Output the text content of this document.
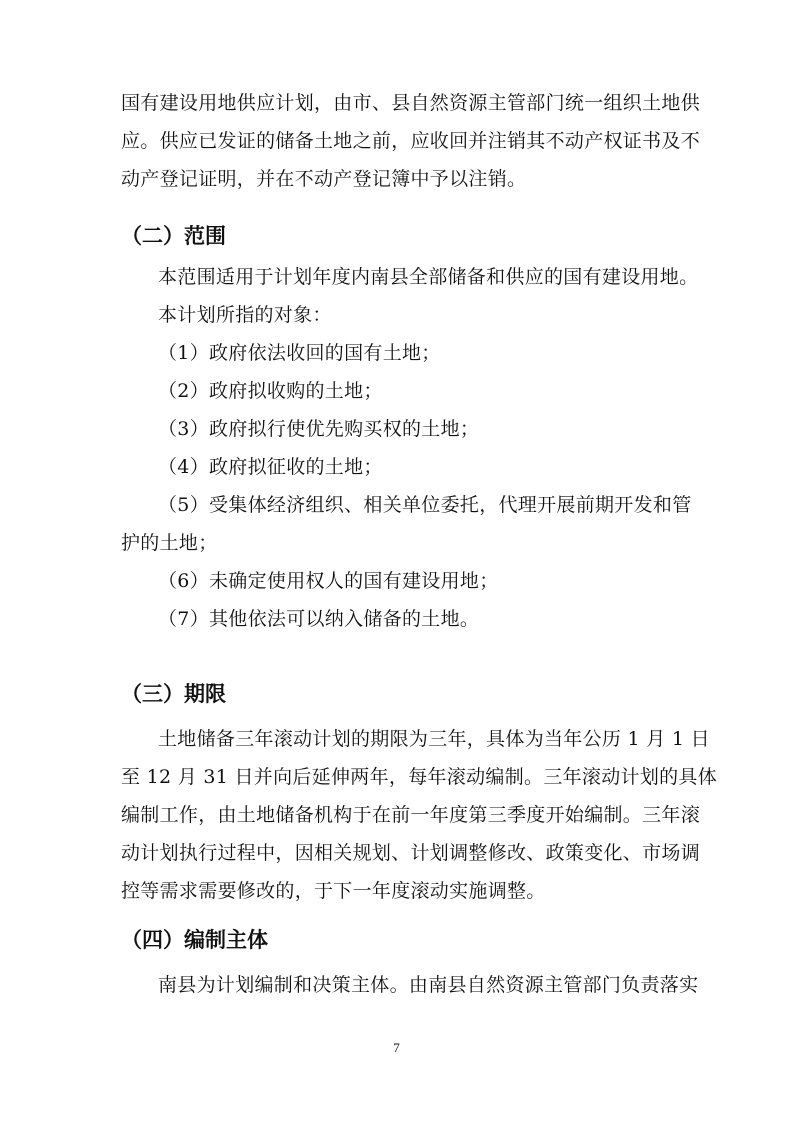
国有建设用地供应计划，由市、县自然资源主管部门统一组织土地供
应。供应已发证的储备土地之前，应收回并注销其不动产权证书及不
动产登记证明，并在不动产登记簿中予以注销。
（二）范围
本范围适用于计划年度内南县全部储备和供应的国有建设用地。
本计划所指的对象：
（1）政府依法收回的国有土地；
（2）政府拟收购的土地；
（3）政府拟行使优先购买权的土地；
（4）政府拟征收的土地；
（5）受集体经济组织、相关单位委托，代理开展前期开发和管
护的土地；
（6）未确定使用权人的国有建设用地；
（7）其他依法可以纳入储备的土地。
（三）期限
土地储备三年滚动计划的期限为三年，具体为当年公历 1 月 1 日
至 12 月 31 日并向后延伸两年，每年滚动编制。三年滚动计划的具体
编制工作，由土地储备机构于在前一年度第三季度开始编制。三年滚
动计划执行过程中，因相关规划、计划调整修改、政策变化、市场调
7
控等需求需要修改的，于下一年度滚动实施调整。
（四）编制主体
南县为计划编制和决策主体。由南县自然资源主管部门负责落实
